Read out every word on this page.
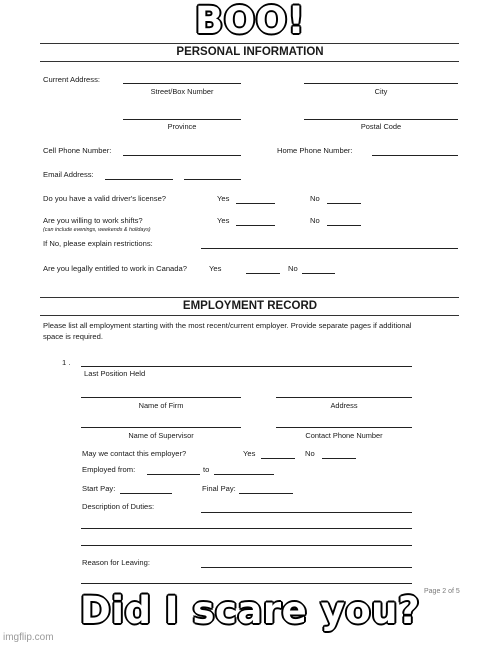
PERSONAL INFORMATION
Current Address:
Street/Box Number	City
Province	Postal Code
Cell Phone Number:	Home Phone Number:
Email Address:
Do you have a valid driver's license?	Yes	No
Are you willing to work shifts?
(can include evenings, weekends & holidays)
Yes	No
If No, please explain restrictions:
Are you legally entitled to work in Canada?	Yes	No
EMPLOYMENT RECORD
Please list all employment starting with the most recent/current employer. Provide separate pages if additional
space is required.
1 .
Last Position Held
Name of Firm	Address
Name of Supervisor	Contact Phone Number
May we contact this employer?	Yes	No
Employed from:	to
Start Pay:	Final Pay:
Description of Duties:
Reason for Leaving:
Page 2 of 5
BOO!
Did I scare you?
imgflip.com
